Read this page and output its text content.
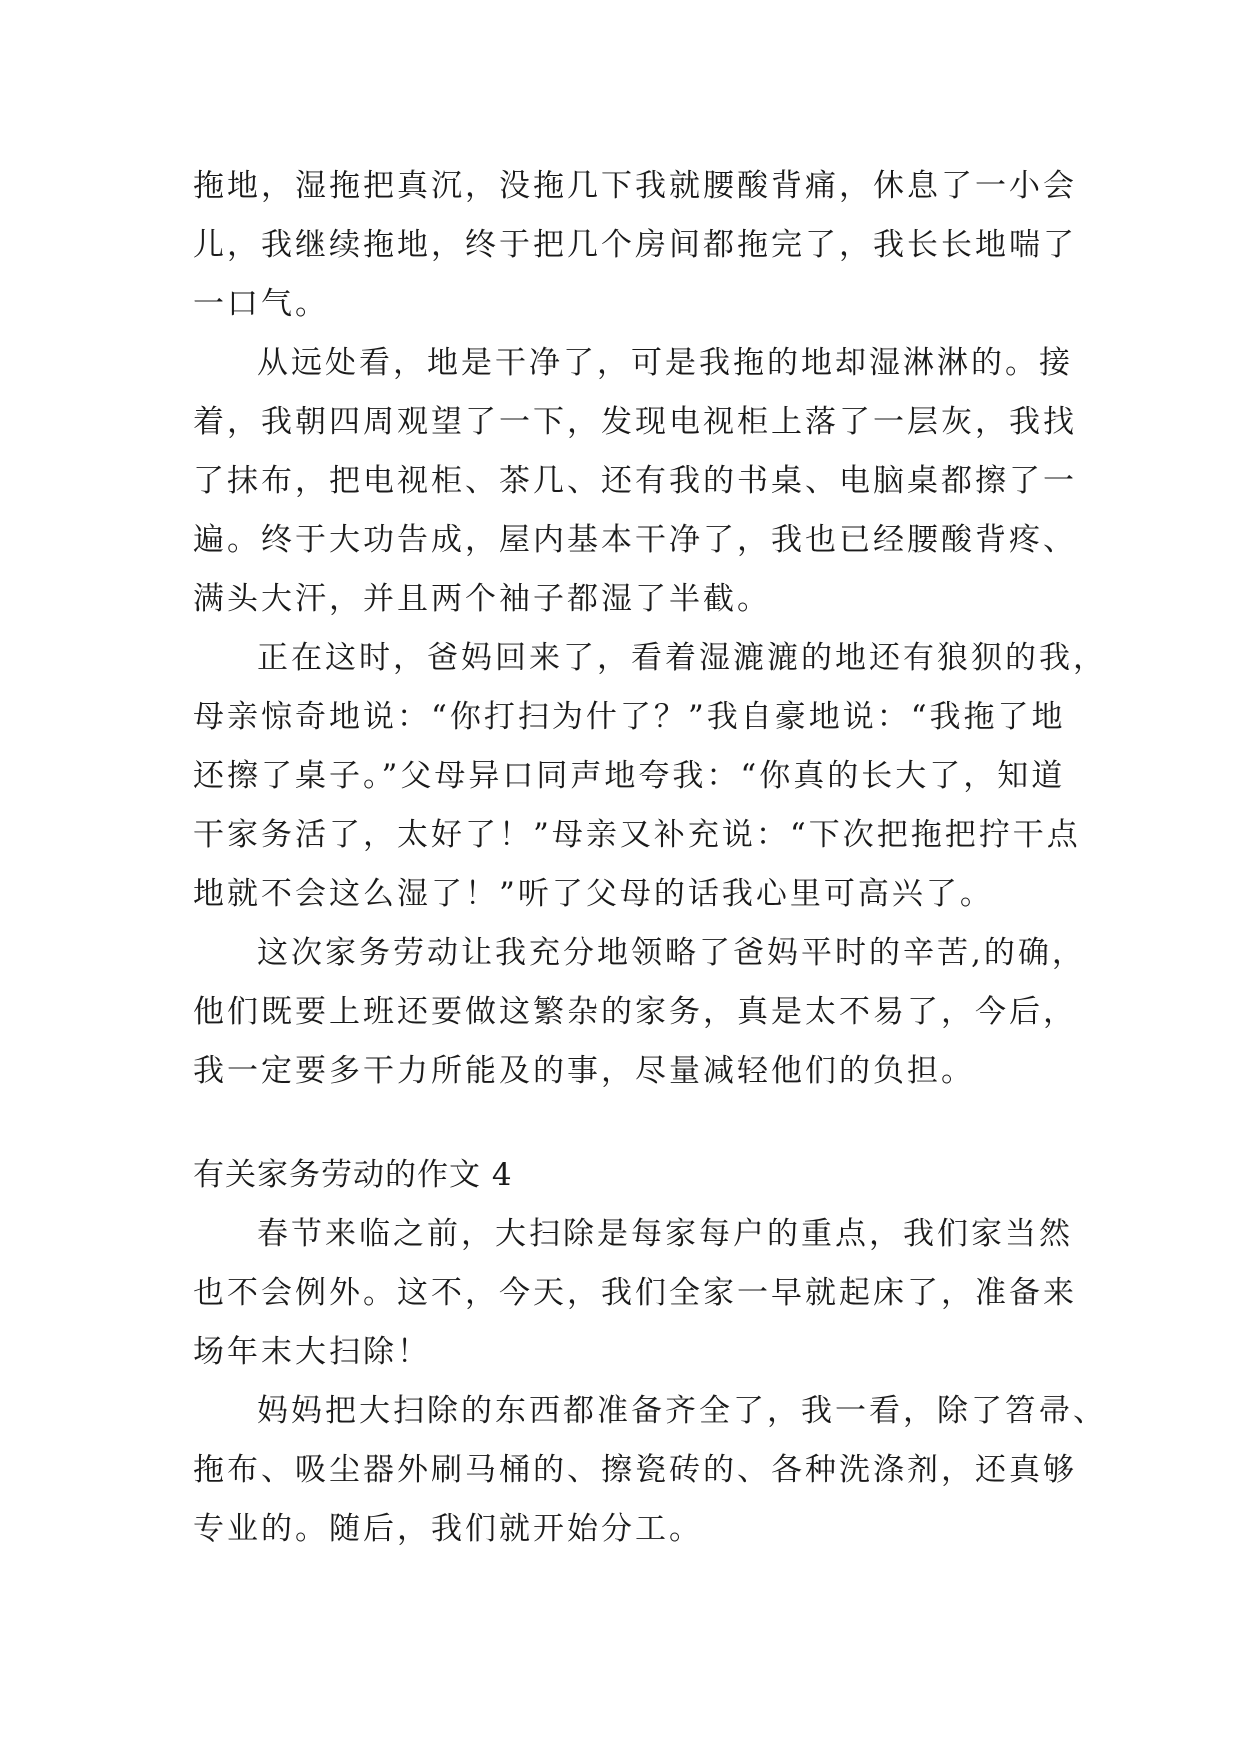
拖地，湿拖把真沉，没拖几下我就腰酸背痛，休息了一小会
儿，我继续拖地，终于把几个房间都拖完了，我长长地喘了
一口气。
从远处看，地是干净了，可是我拖的地却湿淋淋的。接
着，我朝四周观望了一下，发现电视柜上落了一层灰，我找
了抹布，把电视柜、茶几、还有我的书桌、电脑桌都擦了一
遍。终于大功告成，屋内基本干净了，我也已经腰酸背疼、
满头大汗，并且两个袖子都湿了半截。
正在这时，爸妈回来了，看着湿漉漉的地还有狼狈的我，
母亲惊奇地说：“你打扫为什了？”我自豪地说：“我拖了地
还擦了桌子。”父母异口同声地夸我：“你真的长大了，知道
干家务活了，太好了！”母亲又补充说：“下次把拖把拧干点
地就不会这么湿了！”听了父母的话我心里可高兴了。
这次家务劳动让我充分地领略了爸妈平时的辛苦,的确，
他们既要上班还要做这繁杂的家务，真是太不易了，今后，
我一定要多干力所能及的事，尽量减轻他们的负担。
有关家务劳动的作文 4
春节来临之前，大扫除是每家每户的重点，我们家当然
也不会例外。这不，今天，我们全家一早就起床了，准备来
场年末大扫除！
妈妈把大扫除的东西都准备齐全了，我一看，除了笤帚、
拖布、吸尘器外刷马桶的、擦瓷砖的、各种洗涤剂，还真够
专业的。随后，我们就开始分工。
